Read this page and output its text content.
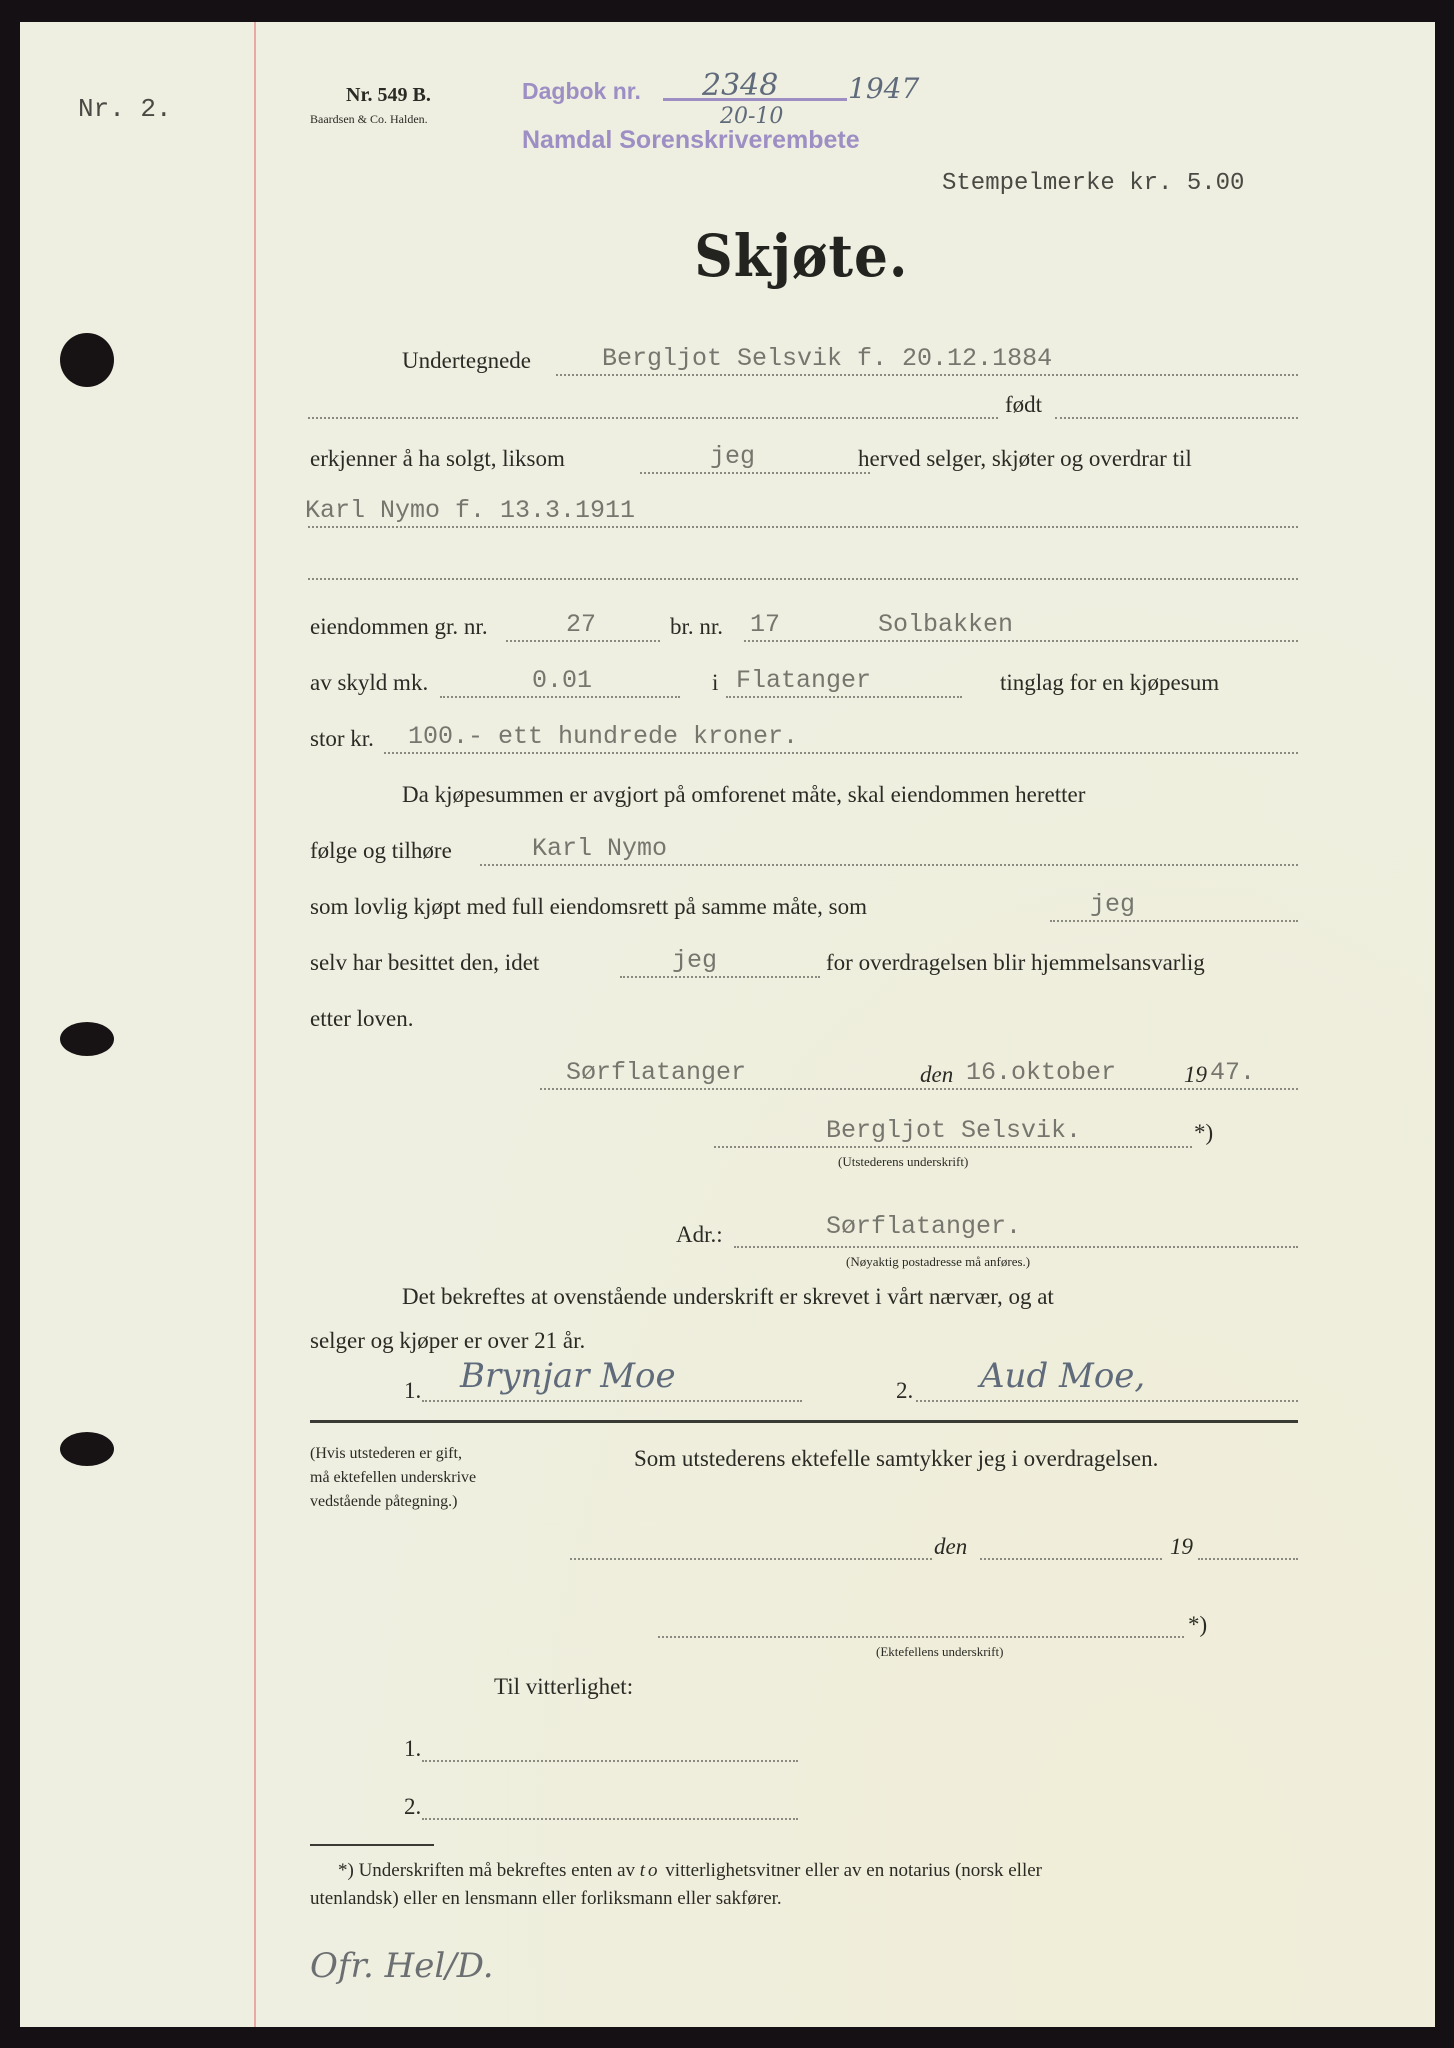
Nr. 2.	Nr. 549 B.
Baardsen & Co. Halden.
Dagbok nr. 2348 1947
20-10
Namdal Sorenskriverembete
Stempelmerke kr. 5.00
Skjøte.
Undertegnede	Bergljot Selsvik f. 20.12.1884
født
erkjenner å ha solgt, liksom	jeg	herved selger, skjøter og overdrar til
Karl Nymo f. 13.3.1911
eiendommen gr. nr.	27	br. nr. 17	Solbakken
av skyld mk.	0.01	i Flatanger	tinglag for en kjøpesum
stor kr. 100.- ett hundrede kroner.
Da kjøpesummen er avgjort på omforenet måte, skal eiendommen heretter
følge og tilhøre	Karl Nymo
som lovlig kjøpt med full eiendomsrett på samme måte, som	jeg
selv har besittet den, idet	jeg	for overdragelsen blir hjemmelsansvarlig
etter loven.
Sørflatanger	den 16.oktober	19 47.
Bergljot Selsvik.	*)
(Utstederens underskrift)
Adr.:	Sørflatanger.
(Nøyaktig postadresse må anføres.)
Det bekreftes at ovenstående underskrift er skrevet i vårt nærvær, og at
selger og kjøper er over 21 år.
1. Brynjar Moe	2. Aud Moe,
(Hvis utstederen er gift,
må ektefellen underskrive
vedstående påtegning.)
Som utstederens ektefelle samtykker jeg i overdragelsen.
den	19
*)
(Ektefellens underskrift)
Til vitterlighet:
1.
2.
*) Underskriften må bekreftes enten av to vitterlighetsvitner eller av en notarius (norsk eller
utenlandsk) eller en lensmann eller forliksmann eller sakfører.
Ofr. Hel/D.
